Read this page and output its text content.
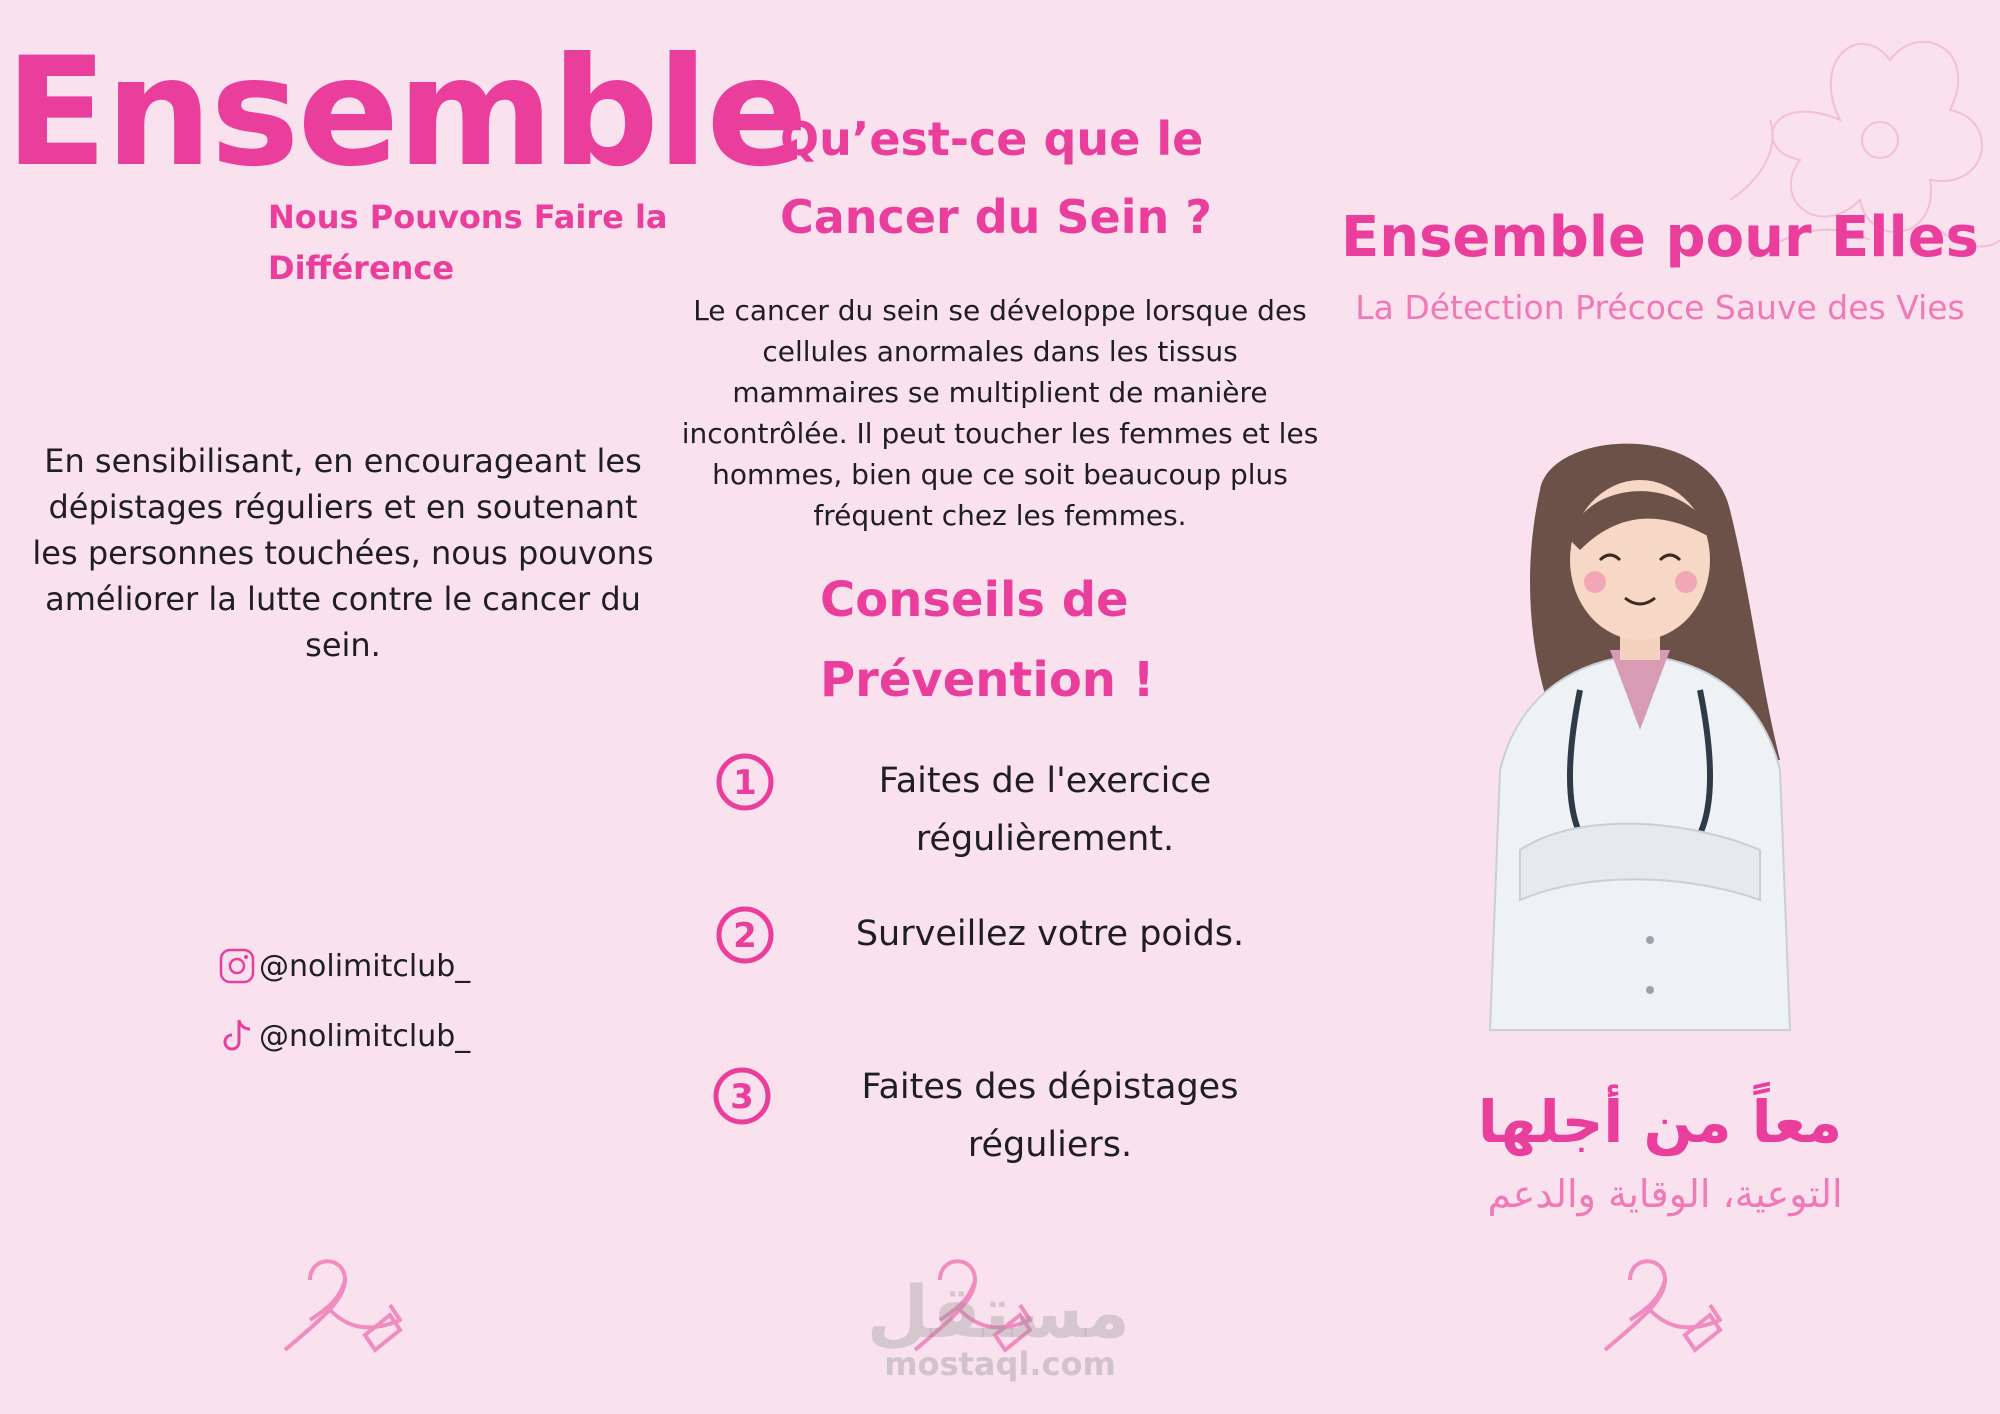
Ensemble
Nous Pouvons Faire la Différence
En sensibilisant, en encourageant les dépistages réguliers et en soutenant les personnes touchées, nous pouvons améliorer la lutte contre le cancer du sein.
@nolimitclub_
@nolimitclub_
Qu’est-ce que le
Cancer du Sein ?
Le cancer du sein se développe lorsque des cellules anormales dans les tissus mammaires se multiplient de manière incontrôlée. Il peut toucher les femmes et les hommes, bien que ce soit beaucoup plus fréquent chez les femmes.
Conseils de
Prévention !
1	Faites de l'exercice régulièrement.
2	Surveillez votre poids.
3	Faites des dépistages réguliers.
Ensemble pour Elles
La Détection Précoce Sauve des Vies
معاً من أجلها
التوعية، الوقاية والدعم
مستقل
mostaql.com
